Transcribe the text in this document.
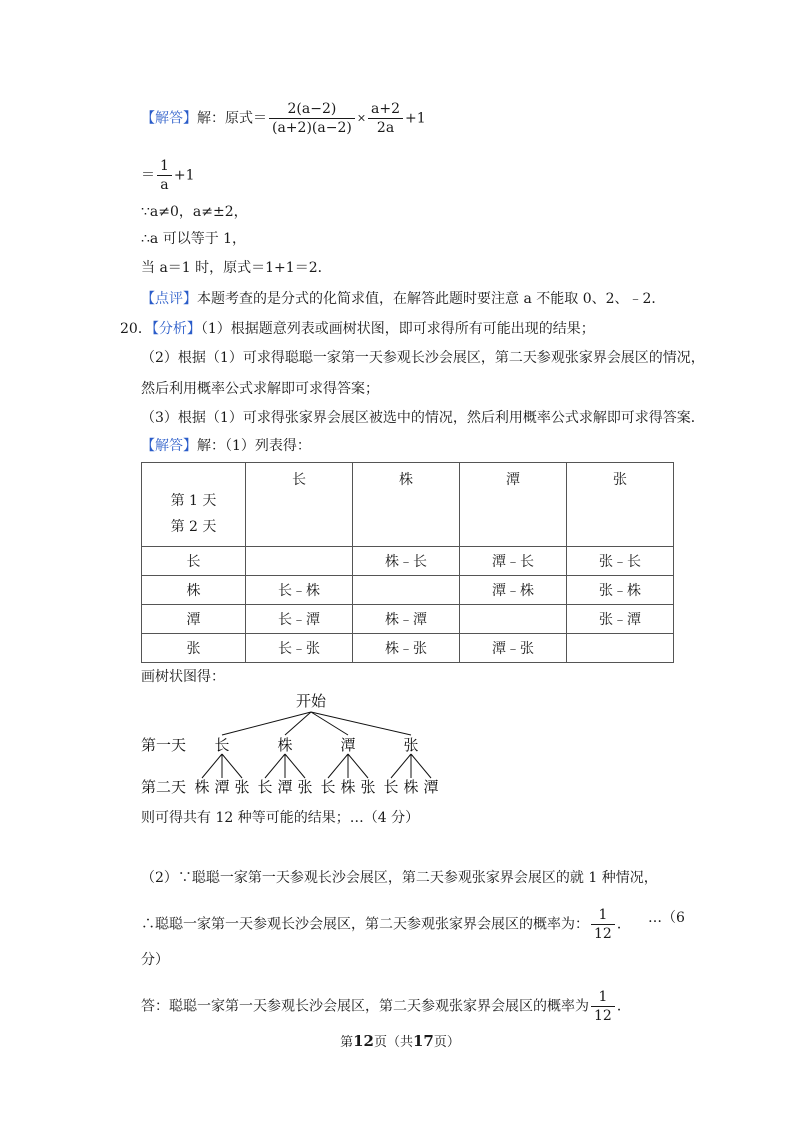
【解答】解：原式＝ $\frac{2(a-2)}{(a+2)(a-2)} \times \frac{a+2}{2a} +1$
＝ $\frac{1}{a} +1$
∵a≠0，a≠±2，
∴a 可以等于 1，
当 a＝1 时，原式＝1+1＝2．
【点评】本题考查的是分式的化简求值，在解答此题时要注意 a 不能取 0、2、﹣2．
20．【分析】（1）根据题意列表或画树状图，即可求得所有可能出现的结果；
（2）根据（1）可求得聪聪一家第一天参观长沙会展区，第二天参观张家界会展区的情况，
然后利用概率公式求解即可求得答案；
（3）根据（1）可求得张家界会展区被选中的情况，然后利用概率公式求解即可求得答案．
【解答】解：（1）列表得：
第 1 天
第 2 天	长	株	潭	张
长		株﹣长	潭﹣长	张﹣长
株	长﹣株		潭﹣株	张﹣株
潭	长﹣潭	株﹣潭		张﹣潭
张	长﹣张	株﹣张	潭﹣张	
画树状图得：
开始
第一天
第二天
长	株	潭	张
株 潭 张 长 潭 张 长 株 张 长 株 潭
则可得共有 12 种等可能的结果；…（4 分）
（2）∵聪聪一家第一天参观长沙会展区，第二天参观张家界会展区的就 1 种情况，
∴聪聪一家第一天参观长沙会展区，第二天参观张家界会展区的概率为： $\frac{1}{12}$ ． …（6
分）
答：聪聪一家第一天参观长沙会展区，第二天参观张家界会展区的概率为 $\frac{1}{12}$ ．
第12页（共17页）
